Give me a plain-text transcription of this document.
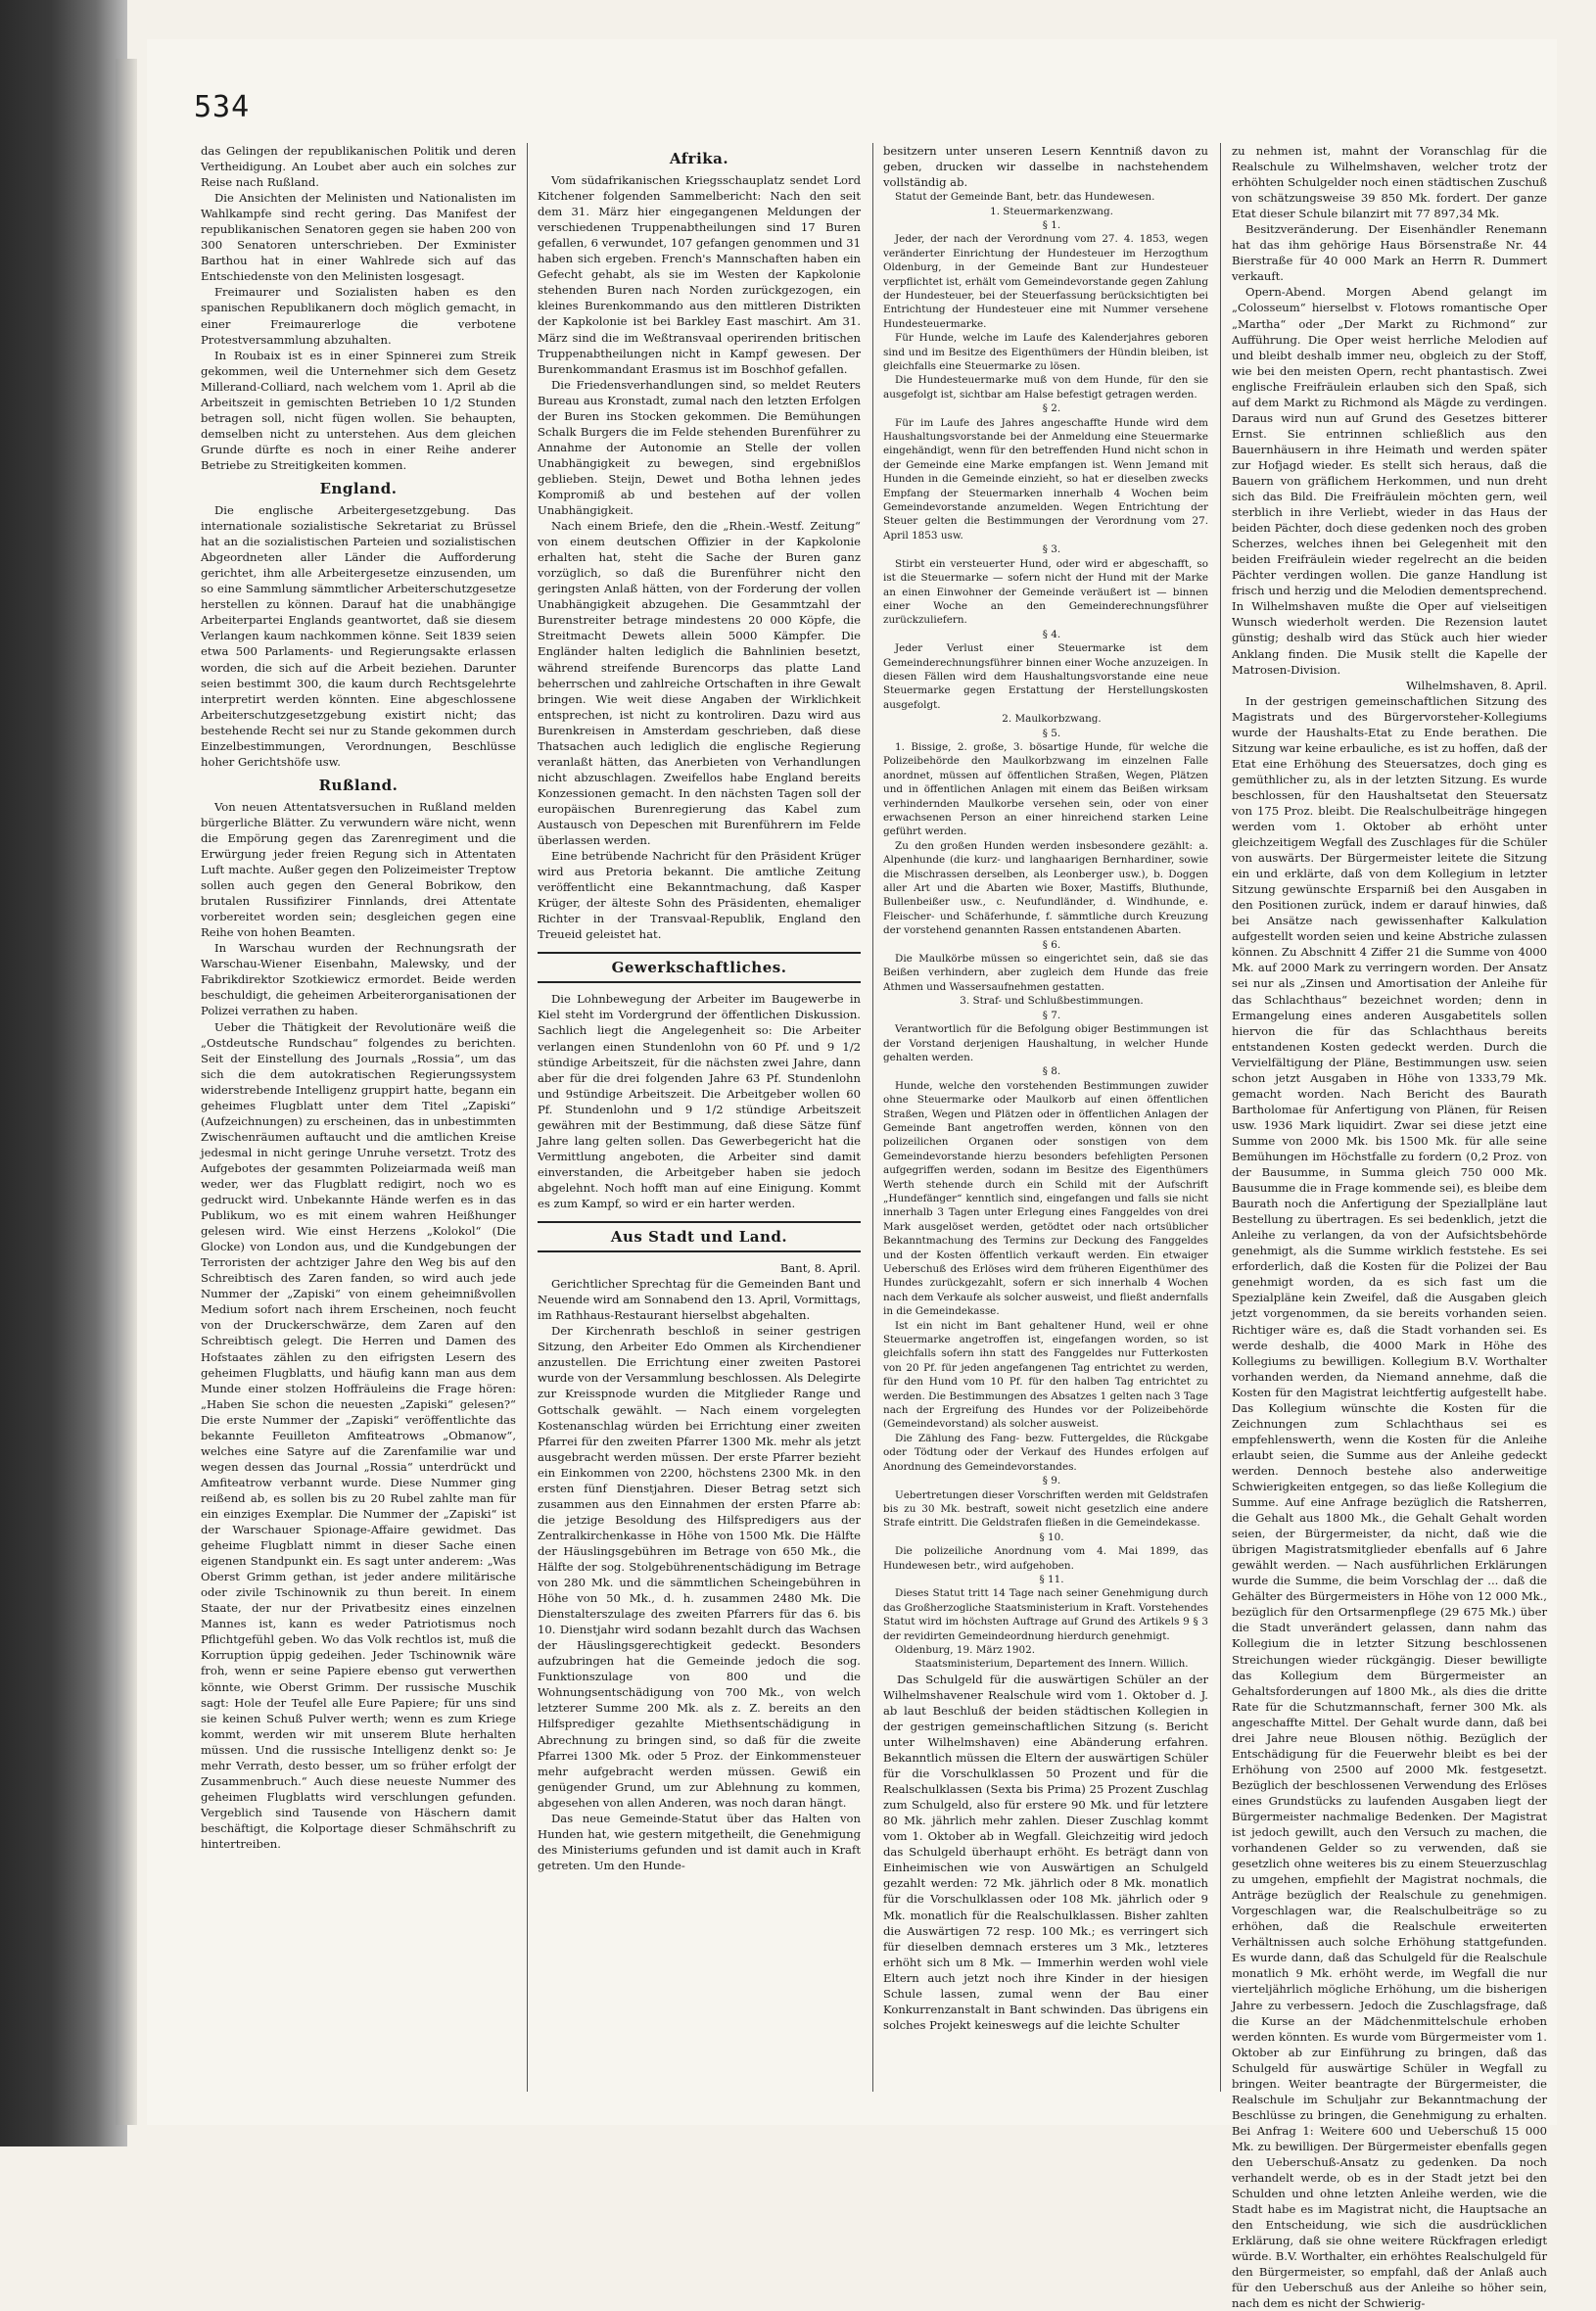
534

das Gelingen der republikanischen Politik und deren Vertheidigung. An Loubet aber auch ein solches zur Reise nach Rußland.

Die Ansichten der Melinisten und Nationalisten im Wahlkampfe sind recht gering. Das Manifest der republikanischen Senatoren gegen sie haben 200 von 300 Senatoren unterschrieben. Der Exminister Barthou hat in einer Wahlrede sich auf das Entschiedenste von den Melinisten losgesagt.

Freimaurer und Sozialisten haben es den spanischen Republikanern doch möglich gemacht, in einer Freimaurerloge die verbotene Protestversammlung abzuhalten.

In Roubaix ist es in einer Spinnerei zum Streik gekommen, weil die Unternehmer sich dem Gesetz Millerand-Colliard, nach welchem vom 1. April ab die Arbeitszeit in gemischten Betrieben 10 1/2 Stunden betragen soll, nicht fügen wollen. Sie behaupten, demselben nicht zu unterstehen. Aus dem gleichen Grunde dürfte es noch in einer Reihe anderer Betriebe zu Streitigkeiten kommen.

England.

Die englische Arbeitergesetzgebung. Das internationale sozialistische Sekretariat zu Brüssel hat an die sozialistischen Parteien und sozialistischen Abgeordneten aller Länder die Aufforderung gerichtet, ihm alle Arbeitergesetze einzusenden, um so eine Sammlung sämmtlicher Arbeiterschutzgesetze herstellen zu können. Darauf hat die unabhängige Arbeiterpartei Englands geantwortet, daß sie diesem Verlangen kaum nachkommen könne. Seit 1839 seien etwa 500 Parlaments- und Regierungsakte erlassen worden, die sich auf die Arbeit beziehen. Darunter seien bestimmt 300, die kaum durch Rechtsgelehrte interpretirt werden könnten. Eine abgeschlossene Arbeiterschutzgesetzgebung existirt nicht; das bestehende Recht sei nur zu Stande gekommen durch Einzelbestimmungen, Verordnungen, Beschlüsse hoher Gerichtshöfe usw.

Rußland.

Von neuen Attentatsversuchen in Rußland melden bürgerliche Blätter. Zu verwundern wäre nicht, wenn die Empörung gegen das Zarenregiment und die Erwürgung jeder freien Regung sich in Attentaten Luft machte. Außer gegen den Polizeimeister Treptow sollen auch gegen den General Bobrikow, den brutalen Russifizirer Finnlands, drei Attentate vorbereitet worden sein; desgleichen gegen eine Reihe von hohen Beamten.

In Warschau wurden der Rechnungsrath der Warschau-Wiener Eisenbahn, Malewsky, und der Fabrikdirektor Szotkiewicz ermordet. Beide werden beschuldigt, die geheimen Arbeiterorganisationen der Polizei verrathen zu haben.

Ueber die Thätigkeit der Revolutionäre weiß die „Ostdeutsche Rundschau“ folgendes zu berichten. Seit der Einstellung des Journals „Rossia“, um das sich die dem autokratischen Regierungssystem widerstrebende Intelligenz gruppirt hatte, begann ein geheimes Flugblatt unter dem Titel „Zapiski“ (Aufzeichnungen) zu erscheinen, das in unbestimmten Zwischenräumen auftaucht und die amtlichen Kreise jedesmal in nicht geringe Unruhe versetzt. Trotz des Aufgebotes der gesammten Polizeiarmada weiß man weder, wer das Flugblatt redigirt, noch wo es gedruckt wird. Unbekannte Hände werfen es in das Publikum, wo es mit einem wahren Heißhunger gelesen wird. Wie einst Herzens „Kolokol“ (Die Glocke) von London aus, und die Kundgebungen der Terroristen der achtziger Jahre den Weg bis auf den Schreibtisch des Zaren fanden, so wird auch jede Nummer der „Zapiski“ von einem geheimnißvollen Medium sofort nach ihrem Erscheinen, noch feucht von der Druckerschwärze, dem Zaren auf den Schreibtisch gelegt. Die Herren und Damen des Hofstaates zählen zu den eifrigsten Lesern des geheimen Flugblatts, und häufig kann man aus dem Munde einer stolzen Hoffräuleins die Frage hören: „Haben Sie schon die neuesten „Zapiski“ gelesen?“ Die erste Nummer der „Zapiski“ veröffentlichte das bekannte Feuilleton Amfiteatrows „Obmanow“, welches eine Satyre auf die Zarenfamilie war und wegen dessen das Journal „Rossia“ unterdrückt und Amfiteatrow verbannt wurde. Diese Nummer ging reißend ab, es sollen bis zu 20 Rubel zahlte man für ein einziges Exemplar. Die Nummer der „Zapiski“ ist der Warschauer Spionage-Affaire gewidmet. Das geheime Flugblatt nimmt in dieser Sache einen eigenen Standpunkt ein. Es sagt unter anderem: „Was Oberst Grimm gethan, ist jeder andere militärische oder zivile Tschinownik zu thun bereit. In einem Staate, der nur der Privatbesitz eines einzelnen Mannes ist, kann es weder Patriotismus noch Pflichtgefühl geben. Wo das Volk rechtlos ist, muß die Korruption üppig gedeihen. Jeder Tschinownik wäre froh, wenn er seine Papiere ebenso gut verwerthen könnte, wie Oberst Grimm. Der russische Muschik sagt: Hole der Teufel alle Eure Papiere; für uns sind sie keinen Schuß Pulver werth; wenn es zum Kriege kommt, werden wir mit unserem Blute herhalten müssen. Und die russische Intelligenz denkt so: Je mehr Verrath, desto besser, um so früher erfolgt der Zusammenbruch.“ Auch diese neueste Nummer des geheimen Flugblatts wird verschlungen gefunden. Vergeblich sind Tausende von Häschern damit beschäftigt, die Kolportage dieser Schmähschrift zu hintertreiben.

Afrika.

Vom südafrikanischen Kriegsschauplatz sendet Lord Kitchener folgenden Sammelbericht: Nach den seit dem 31. März hier eingegangenen Meldungen der verschiedenen Truppenabtheilungen sind 17 Buren gefallen, 6 verwundet, 107 gefangen genommen und 31 haben sich ergeben. French's Mannschaften haben ein Gefecht gehabt, als sie im Westen der Kapkolonie stehenden Buren nach Norden zurückgezogen, ein kleines Burenkommando aus den mittleren Distrikten der Kapkolonie ist bei Barkley East maschirt. Am 31. März sind die im Weßtransvaal operirenden britischen Truppenabtheilungen nicht in Kampf gewesen. Der Burenkommandant Erasmus ist im Boschhof gefallen.

Die Friedensverhandlungen sind, so meldet Reuters Bureau aus Kronstadt, zumal nach den letzten Erfolgen der Buren ins Stocken gekommen. Die Bemühungen Schalk Burgers die im Felde stehenden Burenführer zu Annahme der Autonomie an Stelle der vollen Unabhängigkeit zu bewegen, sind ergebnißlos geblieben. Steijn, Dewet und Botha lehnen jedes Kompromiß ab und bestehen auf der vollen Unabhängigkeit.

Nach einem Briefe, den die „Rhein.-Westf. Zeitung“ von einem deutschen Offizier in der Kapkolonie erhalten hat, steht die Sache der Buren ganz vorzüglich, so daß die Burenführer nicht den geringsten Anlaß hätten, von der Forderung der vollen Unabhängigkeit abzugehen. Die Gesammtzahl der Burenstreiter betrage mindestens 20 000 Köpfe, die Streitmacht Dewets allein 5000 Kämpfer. Die Engländer halten lediglich die Bahnlinien besetzt, während streifende Burencorps das platte Land beherrschen und zahlreiche Ortschaften in ihre Gewalt bringen. Wie weit diese Angaben der Wirklichkeit entsprechen, ist nicht zu kontroliren. Dazu wird aus Burenkreisen in Amsterdam geschrieben, daß diese Thatsachen auch lediglich die englische Regierung veranlaßt hätten, das Anerbieten von Verhandlungen nicht abzuschlagen. Zweifellos habe England bereits Konzessionen gemacht. In den nächsten Tagen soll der europäischen Burenregierung das Kabel zum Austausch von Depeschen mit Burenführern im Felde überlassen werden.

Eine betrübende Nachricht für den Präsident Krüger wird aus Pretoria bekannt. Die amtliche Zeitung veröffentlicht eine Bekanntmachung, daß Kasper Krüger, der älteste Sohn des Präsidenten, ehemaliger Richter in der Transvaal-Republik, England den Treueid geleistet hat.

Gewerkschaftliches.

Die Lohnbewegung der Arbeiter im Baugewerbe in Kiel steht im Vordergrund der öffentlichen Diskussion. Sachlich liegt die Angelegenheit so: Die Arbeiter verlangen einen Stundenlohn von 60 Pf. und 9 1/2 stündige Arbeitszeit, für die nächsten zwei Jahre, dann aber für die drei folgenden Jahre 63 Pf. Stundenlohn und 9stündige Arbeitszeit. Die Arbeitgeber wollen 60 Pf. Stundenlohn und 9 1/2 stündige Arbeitszeit gewähren mit der Bestimmung, daß diese Sätze fünf Jahre lang gelten sollen. Das Gewerbegericht hat die Vermittlung angeboten, die Arbeiter sind damit einverstanden, die Arbeitgeber haben sie jedoch abgelehnt. Noch hofft man auf eine Einigung. Kommt es zum Kampf, so wird er ein harter werden.

Aus Stadt und Land.

Bant, 8. April.

Gerichtlicher Sprechtag für die Gemeinden Bant und Neuende wird am Sonnabend den 13. April, Vormittags, im Rathhaus-Restaurant hierselbst abgehalten.

Der Kirchenrath beschloß in seiner gestrigen Sitzung, den Arbeiter Edo Ommen als Kirchendiener anzustellen. Die Errichtung einer zweiten Pastorei wurde von der Versammlung beschlossen. Als Delegirte zur Kreisspnode wurden die Mitglieder Range und Gottschalk gewählt. — Nach einem vorgelegten Kostenanschlag würden bei Errichtung einer zweiten Pfarrei für den zweiten Pfarrer 1300 Mk. mehr als jetzt ausgebracht werden müssen. Der erste Pfarrer bezieht ein Einkommen von 2200, höchstens 2300 Mk. in den ersten fünf Dienstjahren. Dieser Betrag setzt sich zusammen aus den Einnahmen der ersten Pfarre ab: die jetzige Besoldung des Hilfspredigers aus der Zentralkirchenkasse in Höhe von 1500 Mk. Die Hälfte der Häuslingsgebühren im Betrage von 650 Mk., die Hälfte der sog. Stolgebührenentschädigung im Betrage von 280 Mk. und die sämmtlichen Scheingebühren in Höhe von 50 Mk., d. h. zusammen 2480 Mk. Die Dienstalterszulage des zweiten Pfarrers für das 6. bis 10. Dienstjahr wird sodann bezahlt durch das Wachsen der Häuslingsgerechtigkeit gedeckt. Besonders aufzubringen hat die Gemeinde jedoch die sog. Funktionszulage von 800 und die Wohnungsentschädigung von 700 Mk., von welch letzterer Summe 200 Mk. als z. Z. bereits an den Hilfsprediger gezahlte Miethsentschädigung in Abrechnung zu bringen sind, so daß für die zweite Pfarrei 1300 Mk. oder 5 Proz. der Einkommensteuer mehr aufgebracht werden müssen. Gewiß ein genügender Grund, um zur Ablehnung zu kommen, abgesehen von allen Anderen, was noch daran hängt.

Das neue Gemeinde-Statut über das Halten von Hunden hat, wie gestern mitgetheilt, die Genehmigung des Ministeriums gefunden und ist damit auch in Kraft getreten. Um den Hunde-

besitzern unter unseren Lesern Kenntniß davon zu geben, drucken wir dasselbe in nachstehendem vollständig ab.

Statut der Gemeinde Bant, betr. das Hundewesen.

1. Steuermarkenzwang.

§ 1.

Jeder, der nach der Verordnung vom 27. 4. 1853, wegen veränderter Einrichtung der Hundesteuer im Herzogthum Oldenburg, in der Gemeinde Bant zur Hundesteuer verpflichtet ist, erhält vom Gemeindevorstande gegen Zahlung der Hundesteuer, bei der Steuerfassung berücksichtigten bei Entrichtung der Hundesteuer eine mit Nummer versehene Hundesteuermarke.

Für Hunde, welche im Laufe des Kalenderjahres geboren sind und im Besitze des Eigenthümers der Hündin bleiben, ist gleichfalls eine Steuermarke zu lösen.

Die Hundesteuermarke muß von dem Hunde, für den sie ausgefolgt ist, sichtbar am Halse befestigt getragen werden.

§ 2.

Für im Laufe des Jahres angeschaffte Hunde wird dem Haushaltungsvorstande bei der Anmeldung eine Steuermarke eingehändigt, wenn für den betreffenden Hund nicht schon in der Gemeinde eine Marke empfangen ist. Wenn Jemand mit Hunden in die Gemeinde einzieht, so hat er dieselben zwecks Empfang der Steuermarken innerhalb 4 Wochen beim Gemeindevorstande anzumelden. Wegen Entrichtung der Steuer gelten die Bestimmungen der Verordnung vom 27. April 1853 usw.

§ 3.

Stirbt ein versteuerter Hund, oder wird er abgeschafft, so ist die Steuermarke — sofern nicht der Hund mit der Marke an einen Einwohner der Gemeinde veräußert ist — binnen einer Woche an den Gemeinderechnungsführer zurückzuliefern.

§ 4.

Jeder Verlust einer Steuermarke ist dem Gemeinderechnungsführer binnen einer Woche anzuzeigen. In diesen Fällen wird dem Haushaltungsvorstande eine neue Steuermarke gegen Erstattung der Herstellungskosten ausgefolgt.

2. Maulkorbzwang.

§ 5.

1. Bissige, 2. große, 3. bösartige Hunde, für welche die Polizeibehörde den Maulkorbzwang im einzelnen Falle anordnet, müssen auf öffentlichen Straßen, Wegen, Plätzen und in öffentlichen Anlagen mit einem das Beißen wirksam verhindernden Maulkorbe versehen sein, oder von einer erwachsenen Person an einer hinreichend starken Leine geführt werden.

Zu den großen Hunden werden insbesondere gezählt: a. Alpenhunde (die kurz- und langhaarigen Bernhardiner, sowie die Mischrassen derselben, als Leonberger usw.), b. Doggen aller Art und die Abarten wie Boxer, Mastiffs, Bluthunde, Bullenbeißer usw., c. Neufundländer, d. Windhunde, e. Fleischer- und Schäferhunde, f. sämmtliche durch Kreuzung der vorstehend genannten Rassen entstandenen Abarten.

§ 6.

Die Maulkörbe müssen so eingerichtet sein, daß sie das Beißen verhindern, aber zugleich dem Hunde das freie Athmen und Wassersaufnehmen gestatten.

3. Straf- und Schlußbestimmungen.

§ 7.

Verantwortlich für die Befolgung obiger Bestimmungen ist der Vorstand derjenigen Haushaltung, in welcher Hunde gehalten werden.

§ 8.

Hunde, welche den vorstehenden Bestimmungen zuwider ohne Steuermarke oder Maulkorb auf einen öffentlichen Straßen, Wegen und Plätzen oder in öffentlichen Anlagen der Gemeinde Bant angetroffen werden, können von den polizeilichen Organen oder sonstigen von dem Gemeindevorstande hierzu besonders befehligten Personen aufgegriffen werden, sodann im Besitze des Eigenthümers Werth stehende durch ein Schild mit der Aufschrift „Hundefänger“ kenntlich sind, eingefangen und falls sie nicht innerhalb 3 Tagen unter Erlegung eines Fanggeldes von drei Mark ausgelöset werden, getödtet oder nach ortsüblicher Bekanntmachung des Termins zur Deckung des Fanggeldes und der Kosten öffentlich verkauft werden. Ein etwaiger Ueberschuß des Erlöses wird dem früheren Eigenthümer des Hundes zurückgezahlt, sofern er sich innerhalb 4 Wochen nach dem Verkaufe als solcher ausweist, und fließt andernfalls in die Gemeindekasse.

Ist ein nicht im Bant gehaltener Hund, weil er ohne Steuermarke angetroffen ist, eingefangen worden, so ist gleichfalls sofern ihn statt des Fanggeldes nur Futterkosten von 20 Pf. für jeden angefangenen Tag entrichtet zu werden, für den Hund vom 10 Pf. für den halben Tag entrichtet zu werden. Die Bestimmungen des Absatzes 1 gelten nach 3 Tage nach der Ergreifung des Hundes vor der Polizeibehörde (Gemeindevorstand) als solcher ausweist.

Die Zählung des Fang- bezw. Futtergeldes, die Rückgabe oder Tödtung oder der Verkauf des Hundes erfolgen auf Anordnung des Gemeindevorstandes.

§ 9.

Uebertretungen dieser Vorschriften werden mit Geldstrafen bis zu 30 Mk. bestraft, soweit nicht gesetzlich eine andere Strafe eintritt. Die Geldstrafen fließen in die Gemeindekasse.

§ 10.

Die polizeiliche Anordnung vom 4. Mai 1899, das Hundewesen betr., wird aufgehoben.

§ 11.

Dieses Statut tritt 14 Tage nach seiner Genehmigung durch das Großherzogliche Staatsministerium in Kraft. Vorstehendes Statut wird im höchsten Auftrage auf Grund des Artikels 9 § 3 der revidirten Gemeindeordnung hierdurch genehmigt.

Oldenburg, 19. März 1902.

Staatsministerium, Departement des Innern. Willich.

Das Schulgeld für die auswärtigen Schüler an der Wilhelmshavener Realschule wird vom 1. Oktober d. J. ab laut Beschluß der beiden städtischen Kollegien in der gestrigen gemeinschaftlichen Sitzung (s. Bericht unter Wilhelmshaven) eine Abänderung erfahren. Bekanntlich müssen die Eltern der auswärtigen Schüler für die Vorschulklassen 50 Prozent und für die Realschulklassen (Sexta bis Prima) 25 Prozent Zuschlag zum Schulgeld, also für erstere 90 Mk. und für letztere 80 Mk. jährlich mehr zahlen. Dieser Zuschlag kommt vom 1. Oktober ab in Wegfall. Gleichzeitig wird jedoch das Schulgeld überhaupt erhöht. Es beträgt dann von Einheimischen wie von Auswärtigen an Schulgeld gezahlt werden: 72 Mk. jährlich oder 8 Mk. monatlich für die Vorschulklassen oder 108 Mk. jährlich oder 9 Mk. monatlich für die Realschulklassen. Bisher zahlten die Auswärtigen 72 resp. 100 Mk.; es verringert sich für dieselben demnach ersteres um 3 Mk., letzteres erhöht sich um 8 Mk. — Immerhin werden wohl viele Eltern auch jetzt noch ihre Kinder in der hiesigen Schule lassen, zumal wenn der Bau einer Konkurrenzanstalt in Bant schwinden. Das übrigens ein solches Projekt keineswegs auf die leichte Schulter

zu nehmen ist, mahnt der Voranschlag für die Realschule zu Wilhelmshaven, welcher trotz der erhöhten Schulgelder noch einen städtischen Zuschuß von schätzungsweise 39 850 Mk. fordert. Der ganze Etat dieser Schule bilanzirt mit 77 897,34 Mk.

Besitzveränderung. Der Eisenhändler Renemann hat das ihm gehörige Haus Börsenstraße Nr. 44 Bierstraße für 40 000 Mark an Herrn R. Dummert verkauft.

Opern-Abend. Morgen Abend gelangt im „Colosseum“ hierselbst v. Flotows romantische Oper „Martha“ oder „Der Markt zu Richmond“ zur Aufführung. Die Oper weist herrliche Melodien auf und bleibt deshalb immer neu, obgleich zu der Stoff, wie bei den meisten Opern, recht phantastisch. Zwei englische Freifräulein erlauben sich den Spaß, sich auf dem Markt zu Richmond als Mägde zu verdingen. Daraus wird nun auf Grund des Gesetzes bitterer Ernst. Sie entrinnen schließlich aus den Bauernhäusern in ihre Heimath und werden später zur Hofjagd wieder. Es stellt sich heraus, daß die Bauern von gräflichem Herkommen, und nun dreht sich das Bild. Die Freifräulein möchten gern, weil sterblich in ihre Verliebt, wieder in das Haus der beiden Pächter, doch diese gedenken noch des groben Scherzes, welches ihnen bei Gelegenheit mit den beiden Freifräulein wieder regelrecht an die beiden Pächter verdingen wollen. Die ganze Handlung ist frisch und herzig und die Melodien dementsprechend. In Wilhelmshaven mußte die Oper auf vielseitigen Wunsch wiederholt werden. Die Rezension lautet günstig; deshalb wird das Stück auch hier wieder Anklang finden. Die Musik stellt die Kapelle der Matrosen-Division.

Wilhelmshaven, 8. April.

In der gestrigen gemeinschaftlichen Sitzung des Magistrats und des Bürgervorsteher-Kollegiums wurde der Haushalts-Etat zu Ende berathen. Die Sitzung war keine erbauliche, es ist zu hoffen, daß der Etat eine Erhöhung des Steuersatzes, doch ging es gemüthlicher zu, als in der letzten Sitzung. Es wurde beschlossen, für den Haushaltsetat den Steuersatz von 175 Proz. bleibt. Die Realschulbeiträge hingegen werden vom 1. Oktober ab erhöht unter gleichzeitigem Wegfall des Zuschlages für die Schüler von auswärts. Der Bürgermeister leitete die Sitzung ein und erklärte, daß von dem Kollegium in letzter Sitzung gewünschte Ersparniß bei den Ausgaben in den Positionen zurück, indem er darauf hinwies, daß bei Ansätze nach gewissenhafter Kalkulation aufgestellt worden seien und keine Abstriche zulassen können. Zu Abschnitt 4 Ziffer 21 die Summe von 4000 Mk. auf 2000 Mark zu verringern worden. Der Ansatz sei nur als „Zinsen und Amortisation der Anleihe für das Schlachthaus“ bezeichnet worden; denn in Ermangelung eines anderen Ausgabetitels sollen hiervon die für das Schlachthaus bereits entstandenen Kosten gedeckt werden. Durch die Vervielfältigung der Pläne, Bestimmungen usw. seien schon jetzt Ausgaben in Höhe von 1333,79 Mk. gemacht worden. Nach Bericht des Baurath Bartholomae für Anfertigung von Plänen, für Reisen usw. 1936 Mark liquidirt. Zwar sei diese jetzt eine Summe von 2000 Mk. bis 1500 Mk. für alle seine Bemühungen im Höchstfalle zu fordern (0,2 Proz. von der Bausumme, in Summa gleich 750 000 Mk. Bausumme die in Frage kommende sei), es bleibe dem Baurath noch die Anfertigung der Speziallpläne laut Bestellung zu übertragen. Es sei bedenklich, jetzt die Anleihe zu verlangen, da von der Aufsichtsbehörde genehmigt, als die Summe wirklich feststehe. Es sei erforderlich, daß die Kosten für die Polizei der Bau genehmigt worden, da es sich fast um die Spezialpläne kein Zweifel, daß die Ausgaben gleich jetzt vorgenommen, da sie bereits vorhanden seien. Richtiger wäre es, daß die Stadt vorhanden sei. Es werde deshalb, die 4000 Mark in Höhe des Kollegiums zu bewilligen. Kollegium B.V. Worthalter vorhanden werden, da Niemand annehme, daß die Kosten für den Magistrat leichtfertig aufgestellt habe. Das Kollegium wünschte die Kosten für die Zeichnungen zum Schlachthaus sei es empfehlenswerth, wenn die Kosten für die Anleihe erlaubt seien, die Summe aus der Anleihe gedeckt werden. Dennoch bestehe also anderweitige Schwierigkeiten entgegen, so das ließe Kollegium die Summe. Auf eine Anfrage bezüglich die Ratsherren, die Gehalt aus 1800 Mk., die Gehalt Gehalt worden seien, der Bürgermeister, da nicht, daß wie die übrigen Magistratsmitglieder ebenfalls auf 6 Jahre gewählt werden. — Nach ausführlichen Erklärungen wurde die Summe, die beim Vorschlag der ... daß die Gehälter des Bürgermeisters in Höhe von 12 000 Mk., bezüglich für den Ortsarmenpflege (29 675 Mk.) über die Stadt unverändert gelassen, dann nahm das Kollegium die in letzter Sitzung beschlossenen Streichungen wieder rückgängig. Dieser bewilligte das Kollegium dem Bürgermeister an Gehaltsforderungen auf 1800 Mk., als dies die dritte Rate für die Schutzmannschaft, ferner 300 Mk. als angeschaffte Mittel. Der Gehalt wurde dann, daß bei drei Jahre neue Blousen nöthig. Bezüglich der Entschädigung für die Feuerwehr bleibt es bei der Erhöhung von 2500 auf 2000 Mk. festgesetzt. Bezüglich der beschlossenen Verwendung des Erlöses eines Grundstücks zu laufenden Ausgaben liegt der Bürgermeister nachmalige Bedenken. Der Magistrat ist jedoch gewillt, auch den Versuch zu machen, die vorhandenen Gelder so zu verwenden, daß sie gesetzlich ohne weiteres bis zu einem Steuerzuschlag zu umgehen, empfiehlt der Magistrat nochmals, die Anträge bezüglich der Realschule zu genehmigen. Vorgeschlagen war, die Realschulbeiträge so zu erhöhen, daß die Realschule erweiterten Verhältnissen auch solche Erhöhung stattgefunden. Es wurde dann, daß das Schulgeld für die Realschule monatlich 9 Mk. erhöht werde, im Wegfall die nur vierteljährlich mögliche Erhöhung, um die bisherigen Jahre zu verbessern. Jedoch die Zuschlagsfrage, daß die Kurse an der Mädchenmittelschule erhoben werden könnten. Es wurde vom Bürgermeister vom 1. Oktober ab zur Einführung zu bringen, daß das Schulgeld für auswärtige Schüler in Wegfall zu bringen. Weiter beantragte der Bürgermeister, die Realschule im Schuljahr zur Bekanntmachung der Beschlüsse zu bringen, die Genehmigung zu erhalten. Bei Anfrag 1: Weitere 600 und Ueberschuß 15 000 Mk. zu bewilligen. Der Bürgermeister ebenfalls gegen den Ueberschuß-Ansatz zu gedenken. Da noch verhandelt werde, ob es in der Stadt jetzt bei den Schulden und ohne letzten Anleihe werden, wie die Stadt habe es im Magistrat nicht, die Hauptsache an den Entscheidung, wie sich die ausdrücklichen Erklärung, daß sie ohne weitere Rückfragen erledigt würde. B.V. Worthalter, ein erhöhtes Realschulgeld für den Bürgermeister, so empfahl, daß der Anlaß auch für den Ueberschuß aus der Anleihe so höher sein, nach dem es nicht der Schwierig-
